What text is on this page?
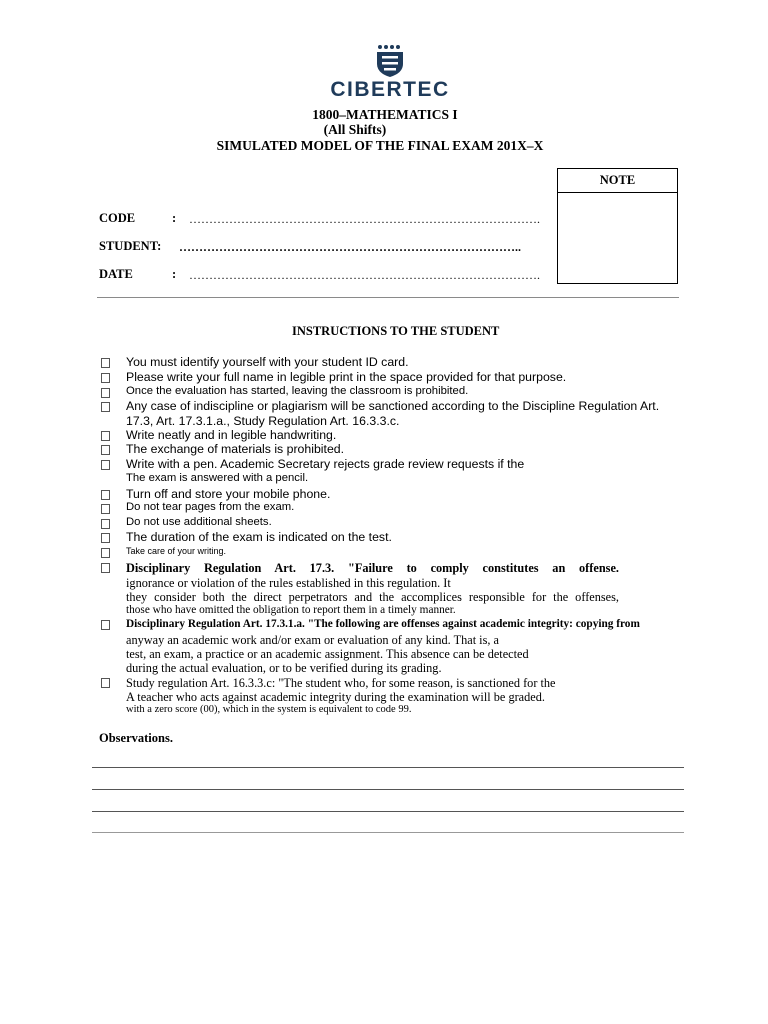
CIBERTEC
1800–MATHEMATICS I
(All Shifts)
SIMULATED MODEL OF THE FINAL EXAM 201X–X
NOTE
CODE	: …………………………………………………………………………….
STUDENT: …………………………………………………………………………..
DATE	: …………………………………………………………………………….
INSTRUCTIONS TO THE STUDENT
You must identify yourself with your student ID card.
Please write your full name in legible print in the space provided for that purpose.
Once the evaluation has started, leaving the classroom is prohibited.
Any case of indiscipline or plagiarism will be sanctioned according to the Discipline Regulation Art.
17.3, Art. 17.3.1.a., Study Regulation Art. 16.3.3.c.
Write neatly and in legible handwriting.
The exchange of materials is prohibited.
Write with a pen. Academic Secretary rejects grade review requests if the
The exam is answered with a pencil.
Turn off and store your mobile phone.
Do not tear pages from the exam.
Do not use additional sheets.
The duration of the exam is indicated on the test.
Take care of your writing.
Disciplinary Regulation Art. 17.3. "Failure to comply constitutes an offense.
ignorance or violation of the rules established in this regulation. It
they consider both the direct perpetrators and the accomplices responsible for the offenses,
those who have omitted the obligation to report them in a timely manner.
Disciplinary Regulation Art. 17.3.1.a. "The following are offenses against academic integrity: copying from
anyway an academic work and/or exam or evaluation of any kind. That is, a
test, an exam, a practice or an academic assignment. This absence can be detected
during the actual evaluation, or to be verified during its grading.
Study regulation Art. 16.3.3.c: "The student who, for some reason, is sanctioned for the
A teacher who acts against academic integrity during the examination will be graded.
with a zero score (00), which in the system is equivalent to code 99.
Observations.
